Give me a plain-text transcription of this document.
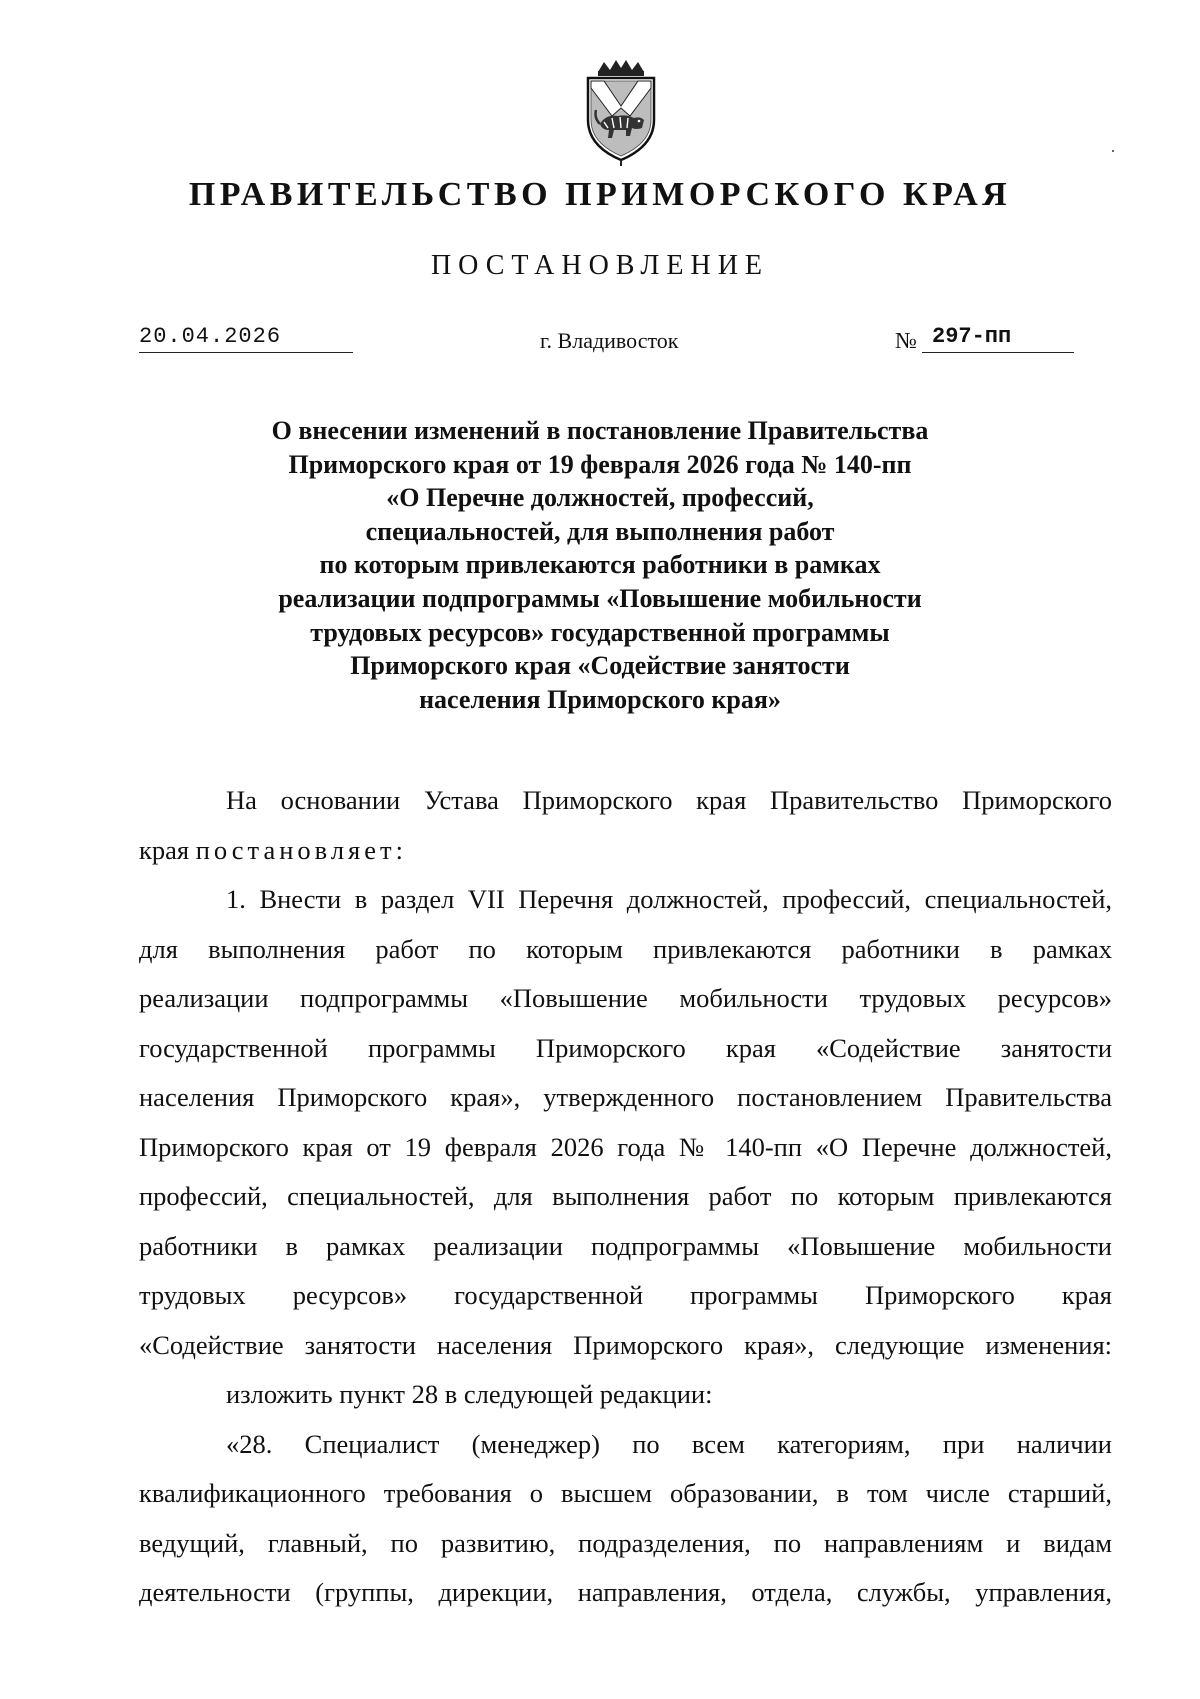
ПРАВИТЕЛЬСТВО ПРИМОРСКОГО КРАЯ
ПОСТАНОВЛЕНИЕ
20.04.2026	г. Владивосток	№ 297-пп
О внесении изменений в постановление Правительства
Приморского края от 19 февраля 2026 года № 140-пп
«О Перечне должностей, профессий,
специальностей, для выполнения работ
по которым привлекаются работники в рамках
реализации подпрограммы «Повышение мобильности
трудовых ресурсов» государственной программы
Приморского края «Содействие занятости
населения Приморского края»
На основании Устава Приморского края Правительство Приморского
края постановляет:
1. Внести в раздел VII Перечня должностей, профессий, специальностей,
для выполнения работ по которым привлекаются работники в рамках
реализации подпрограммы «Повышение мобильности трудовых ресурсов»
государственной программы Приморского края «Содействие занятости
населения Приморского края», утвержденного постановлением Правительства
Приморского края от 19 февраля 2026 года № 140-пп «О Перечне должностей,
профессий, специальностей, для выполнения работ по которым привлекаются
работники в рамках реализации подпрограммы «Повышение мобильности
трудовых ресурсов» государственной программы Приморского края
«Содействие занятости населения Приморского края», следующие изменения:
изложить пункт 28 в следующей редакции:
«28. Специалист (менеджер) по всем категориям, при наличии
квалификационного требования о высшем образовании, в том числе старший,
ведущий, главный, по развитию, подразделения, по направлениям и видам
деятельности (группы, дирекции, направления, отдела, службы, управления,
